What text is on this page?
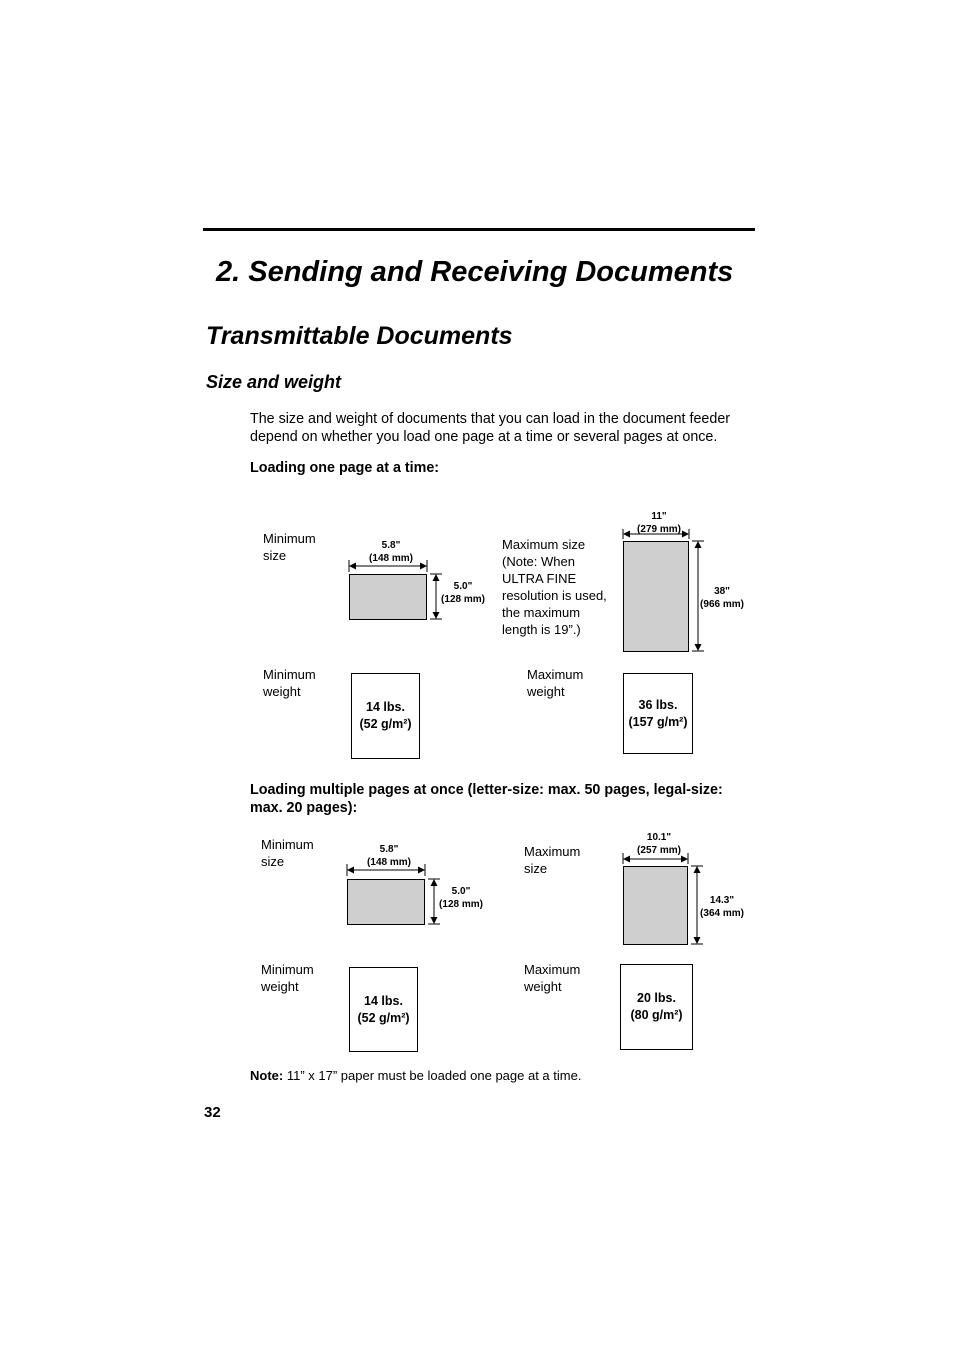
2. Sending and Receiving Documents
Transmittable Documents
Size and weight
The size and weight of documents that you can load in the document feeder depend on whether you load one page at a time or several pages at once.
Loading one page at a time:
Minimum
size
5.8"
(148 mm)
5.0"
(128 mm)
Maximum size
(Note: When
ULTRA FINE
resolution is used,
the maximum
length is 19”.)
11"
(279 mm)
38"
(966 mm)
Minimum
weight
14 lbs.
(52 g/m²)
Maximum
weight
36 lbs.
(157 g/m²)
Loading multiple pages at once (letter-size: max. 50 pages, legal-size: max. 20 pages):
Minimum
size
5.8"
(148 mm)
5.0"
(128 mm)
Maximum
size
10.1"
(257 mm)
14.3"
(364 mm)
Minimum
weight
14 lbs.
(52 g/m²)
Maximum
weight
20 lbs.
(80 g/m²)
Note: 11” x 17” paper must be loaded one page at a time.
32
